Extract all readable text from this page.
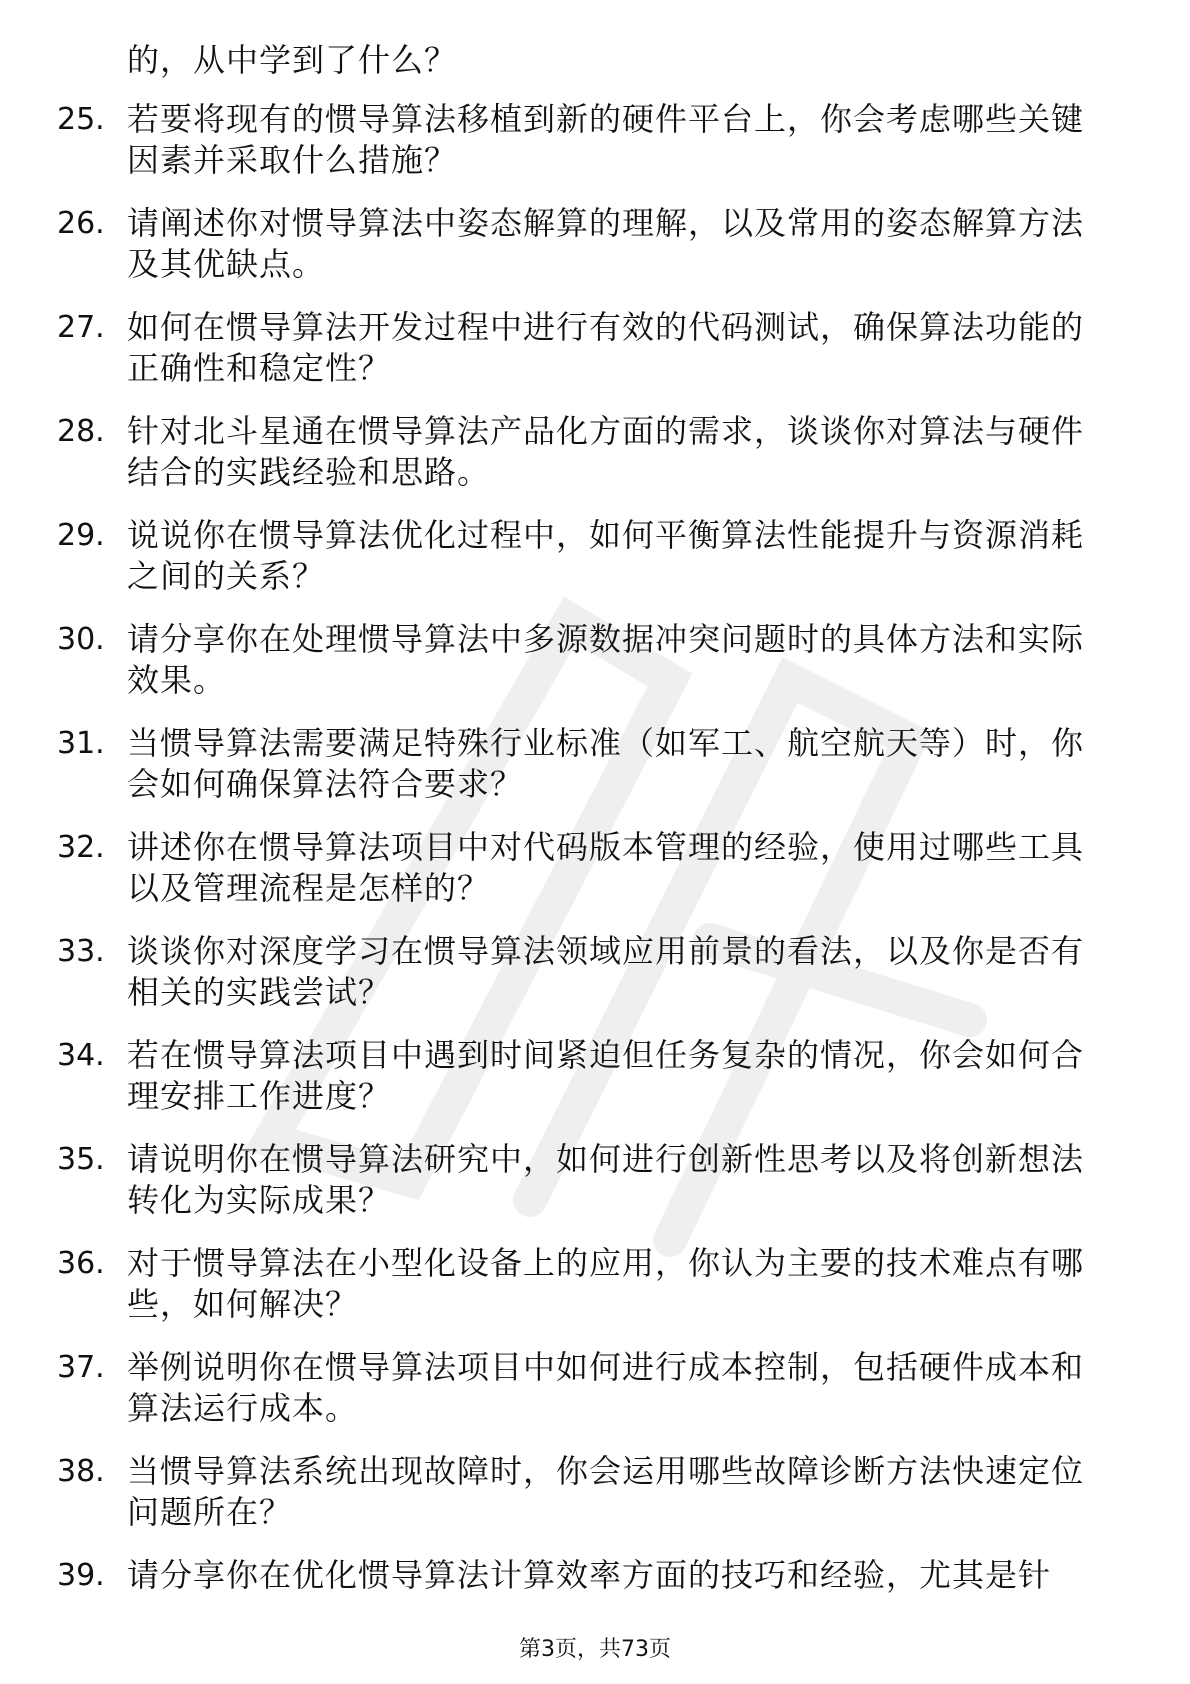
的，从中学到了什么？
25. 若要将现有的惯导算法移植到新的硬件平台上，你会考虑哪些关键因素并采取什么措施？
26. 请阐述你对惯导算法中姿态解算的理解，以及常用的姿态解算方法及其优缺点。
27. 如何在惯导算法开发过程中进行有效的代码测试，确保算法功能的正确性和稳定性？
28. 针对北斗星通在惯导算法产品化方面的需求，谈谈你对算法与硬件结合的实践经验和思路。
29. 说说你在惯导算法优化过程中，如何平衡算法性能提升与资源消耗之间的关系？
30. 请分享你在处理惯导算法中多源数据冲突问题时的具体方法和实际效果。
31. 当惯导算法需要满足特殊行业标准（如军工、航空航天等）时，你会如何确保算法符合要求？
32. 讲述你在惯导算法项目中对代码版本管理的经验，使用过哪些工具以及管理流程是怎样的？
33. 谈谈你对深度学习在惯导算法领域应用前景的看法，以及你是否有相关的实践尝试？
34. 若在惯导算法项目中遇到时间紧迫但任务复杂的情况，你会如何合理安排工作进度？
35. 请说明你在惯导算法研究中，如何进行创新性思考以及将创新想法转化为实际成果？
36. 对于惯导算法在小型化设备上的应用，你认为主要的技术难点有哪些，如何解决？
37. 举例说明你在惯导算法项目中如何进行成本控制，包括硬件成本和算法运行成本。
38. 当惯导算法系统出现故障时，你会运用哪些故障诊断方法快速定位问题所在？
39. 请分享你在优化惯导算法计算效率方面的技巧和经验，尤其是针
第3页，共73页
